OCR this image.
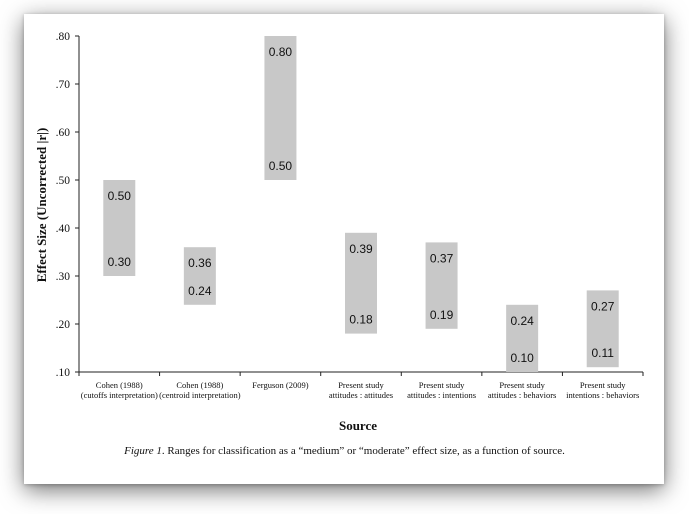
Effect Size (Uncorrected |r|)
Source
.10
.20
.30
.40
.50
.60
.70
.80
0.50
0.30
Cohen (1988) (cutoffs interpretation)
0.36
0.24
Cohen (1988) (centroid interpretation)
0.80
0.50
Ferguson (2009)
0.39
0.18
Present study attitudes : attitudes
0.37
0.19
Present study attitudes : intentions
0.24
0.10
Present study attitudes : behaviors
0.27
0.11
Present study intentions : behaviors
Figure 1. Ranges for classification as a “medium” or “moderate” effect size, as a function of source.
